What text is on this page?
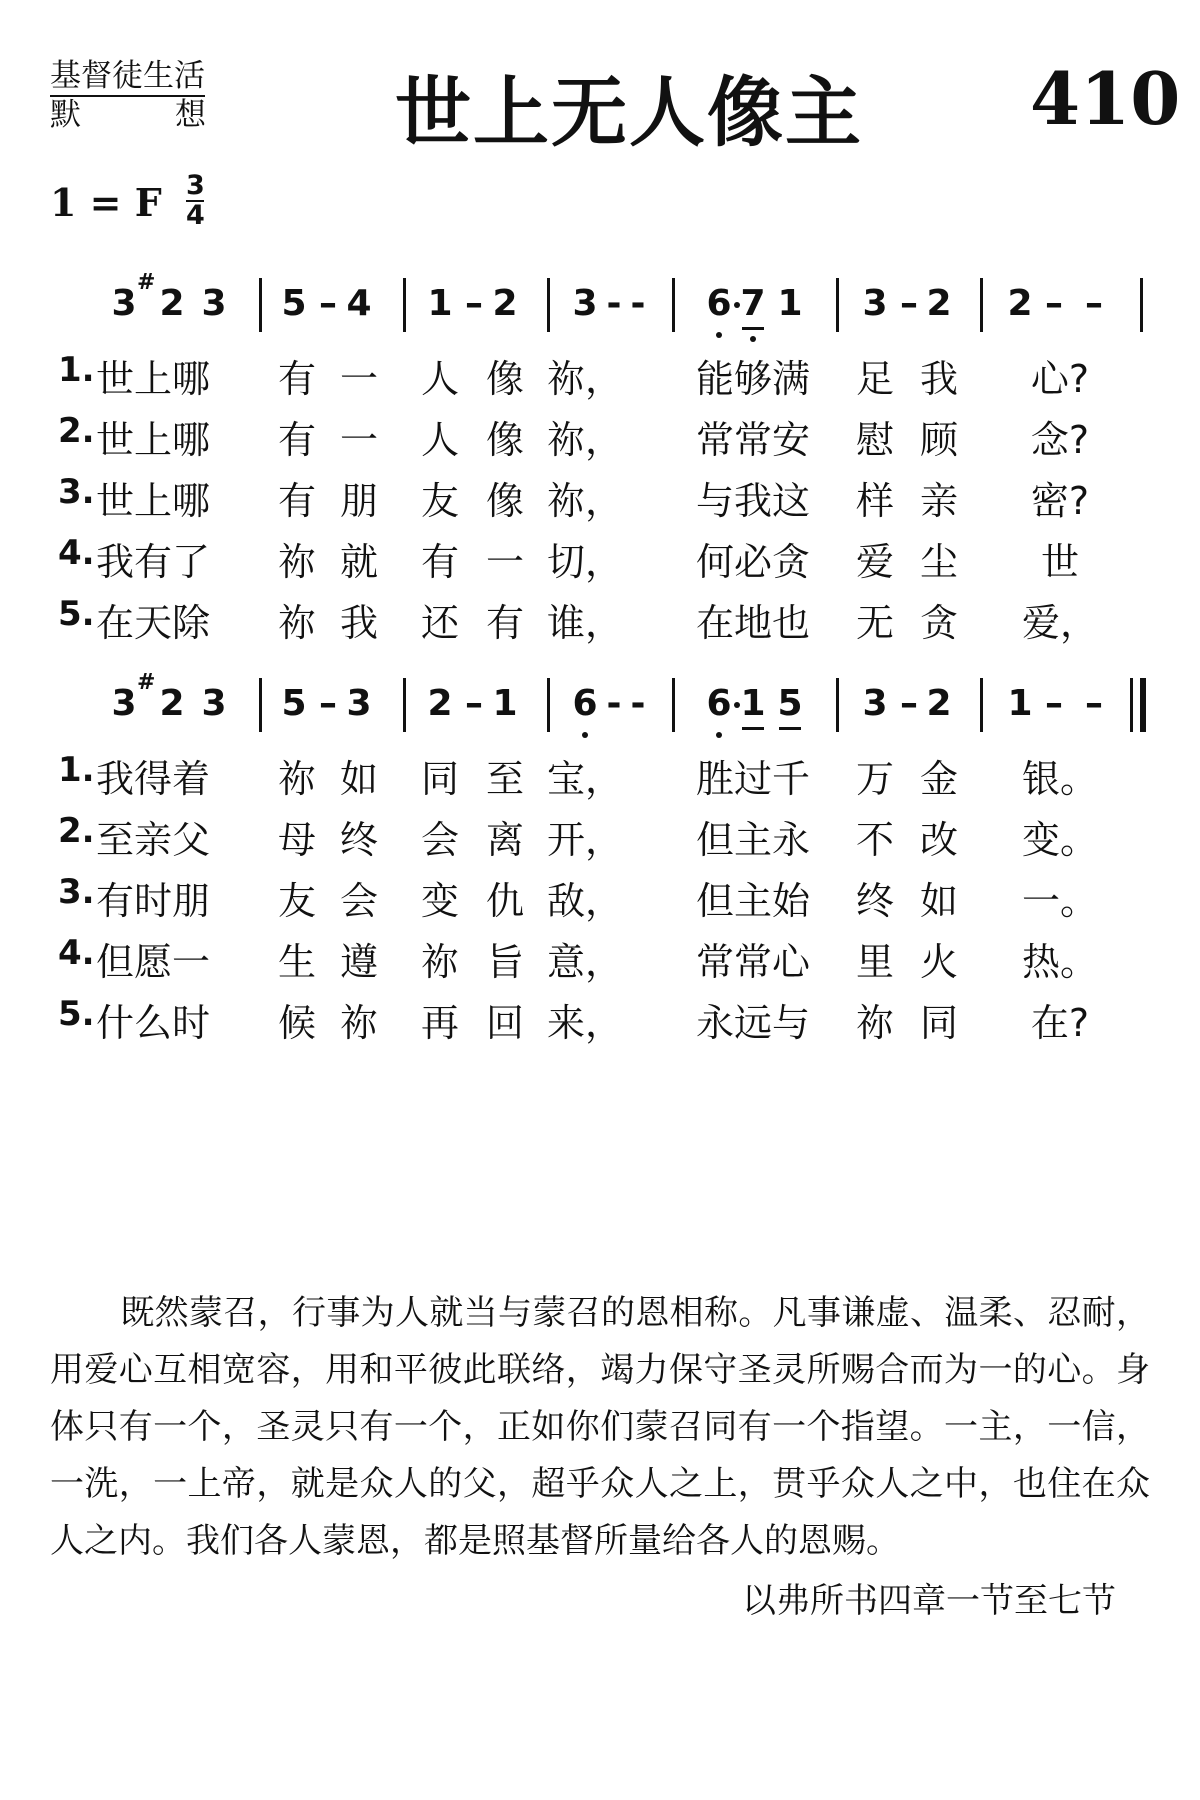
基督徒生活
默	想 世上无人像主 410
1 = F 3
4
3 2 3 5 – 4 1 – 2 3 - - 6 7 1 3 – 2 2 – –
#
1. 世上哪 有 一 人 像 祢， 能够满 足 我 心?
2. 世上哪 有 一 人 像 祢， 常常安 慰 顾 念?
3. 世上哪 有 朋 友 像 祢， 与我这 样 亲 密?
4. 我有了 祢 就 有 一 切， 何必贪 爱 尘 世
5. 在天除 祢 我 还 有 谁， 在地也 无 贪 爱，
3 2 3 5 – 3 2 – 1 6 - - 6 1 5 3 – 2 1 – –
#
1. 我得着 祢 如 同 至 宝， 胜过千 万 金 银。
2. 至亲父 母 终 会 离 开， 但主永 不 改 变。
3. 有时朋 友 会 变 仇 敌， 但主始 终 如 一。
4. 但愿一 生 遵 祢 旨 意， 常常心 里 火 热。
5. 什么时 候 祢 再 回 来， 永远与 祢 同 在?
既然蒙召，行事为人就当与蒙召的恩相称。凡事谦虚、温柔、忍耐，用爱心互相宽容，用和平彼此联络，竭力保守圣灵所赐合而为一的心。身体只有一个，圣灵只有一个，正如你们蒙召同有一个指望。一主，一信，一洗，一上帝，就是众人的父，超乎众人之上，贯乎众人之中，也住在众人之内。我们各人蒙恩，都是照基督所量给各人的恩赐。
以弗所书四章一节至七节
